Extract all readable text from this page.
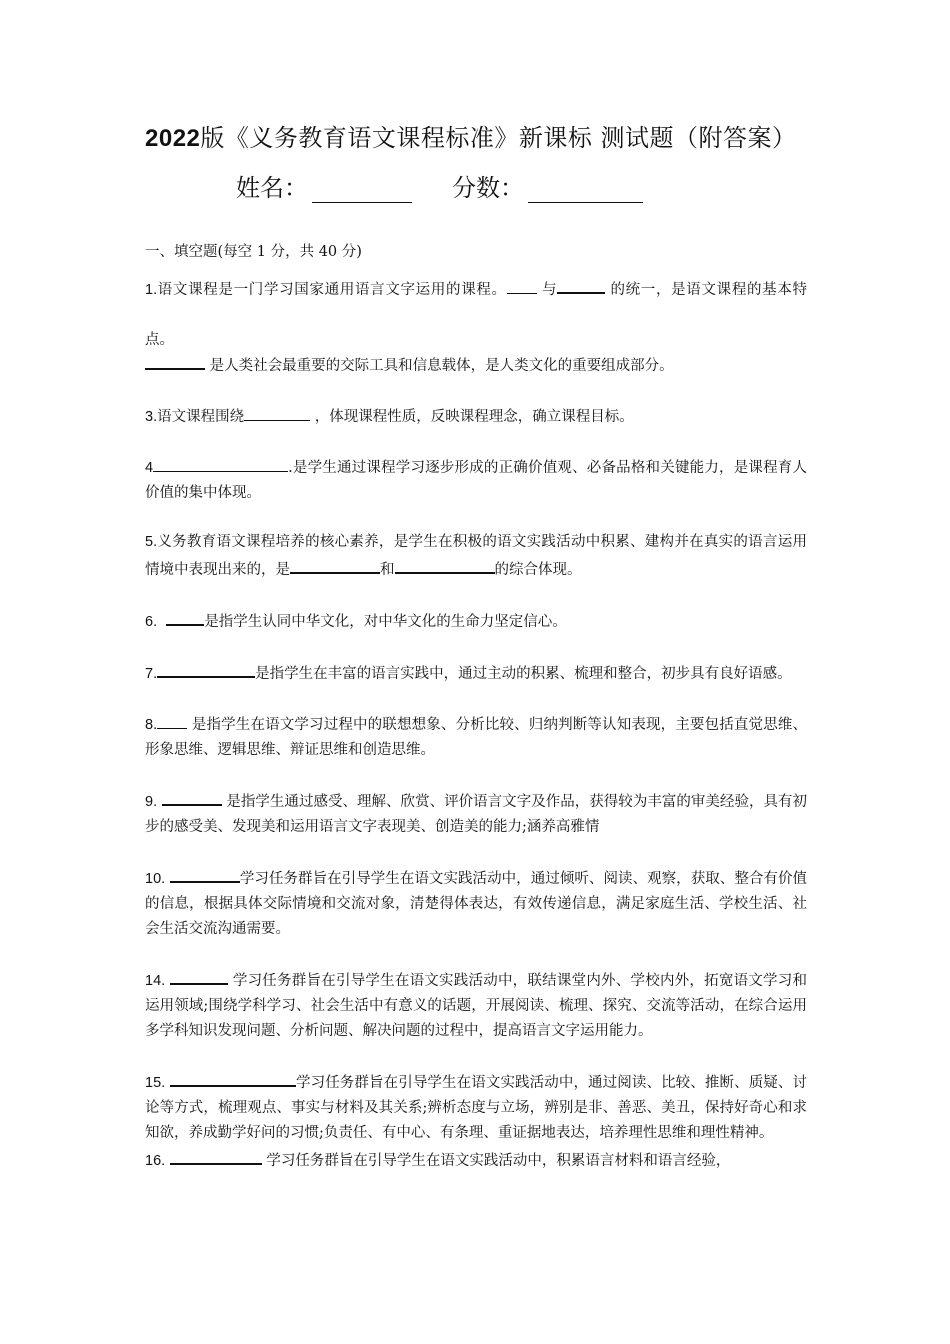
2022版《义务教育语文课程标准》新课标 测试题（附答案）
姓名：	分数：

一、填空题(每空 1 分，共 40 分)

1.语文课程是一门学习国家通用语言文字运用的课程。 与	的统一，是语文课程的基本特点。

是人类社会最重要的交际工具和信息载体，是人类文化的重要组成部分。

3.语文课程围绕	，体现课程性质，反映课程理念，确立课程目标。

4	.是学生通过课程学习逐步形成的正确价值观、必备品格和关键能力，是课程育人价值的集中体现。

5.义务教育语文课程培养的核心素养，是学生在积极的语文实践活动中积累、建构并在真实的语言运用情境中表现出来的，是	和	的综合体现。

6.	是指学生认同中华文化，对中华文化的生命力坚定信心。

7.	是指学生在丰富的语言实践中，通过主动的积累、梳理和整合，初步具有良好语感。

8. 是指学生在语文学习过程中的联想想象、分析比较、归纳判断等认知表现，主要包括直觉思维、形象思维、逻辑思维、辩证思维和创造思维。

9.	是指学生通过感受、理解、欣赏、评价语言文字及作品，获得较为丰富的审美经验，具有初步的感受美、发现美和运用语言文字表现美、创造美的能力;涵养高雅情

10.	学习任务群旨在引导学生在语文实践活动中，通过倾听、阅读、观察，获取、整合有价值的信息，根据具体交际情境和交流对象，清楚得体表达，有效传递信息，满足家庭生活、学校生活、社会生活交流沟通需要。

14.	学习任务群旨在引导学生在语文实践活动中，联结课堂内外、学校内外，拓宽语文学习和运用领域;围绕学科学习、社会生活中有意义的话题，开展阅读、梳理、探究、交流等活动，在综合运用多学科知识发现问题、分析问题、解决问题的过程中，提高语言文字运用能力。

15.	学习任务群旨在引导学生在语文实践活动中，通过阅读、比较、推断、质疑、讨论等方式，梳理观点、事实与材料及其关系;辨析态度与立场，辨别是非、善恶、美丑，保持好奇心和求知欲，养成勤学好问的习惯;负责任、有中心、有条理、重证据地表达，培养理性思维和理性精神。

16.	学习任务群旨在引导学生在语文实践活动中，积累语言材料和语言经验，
